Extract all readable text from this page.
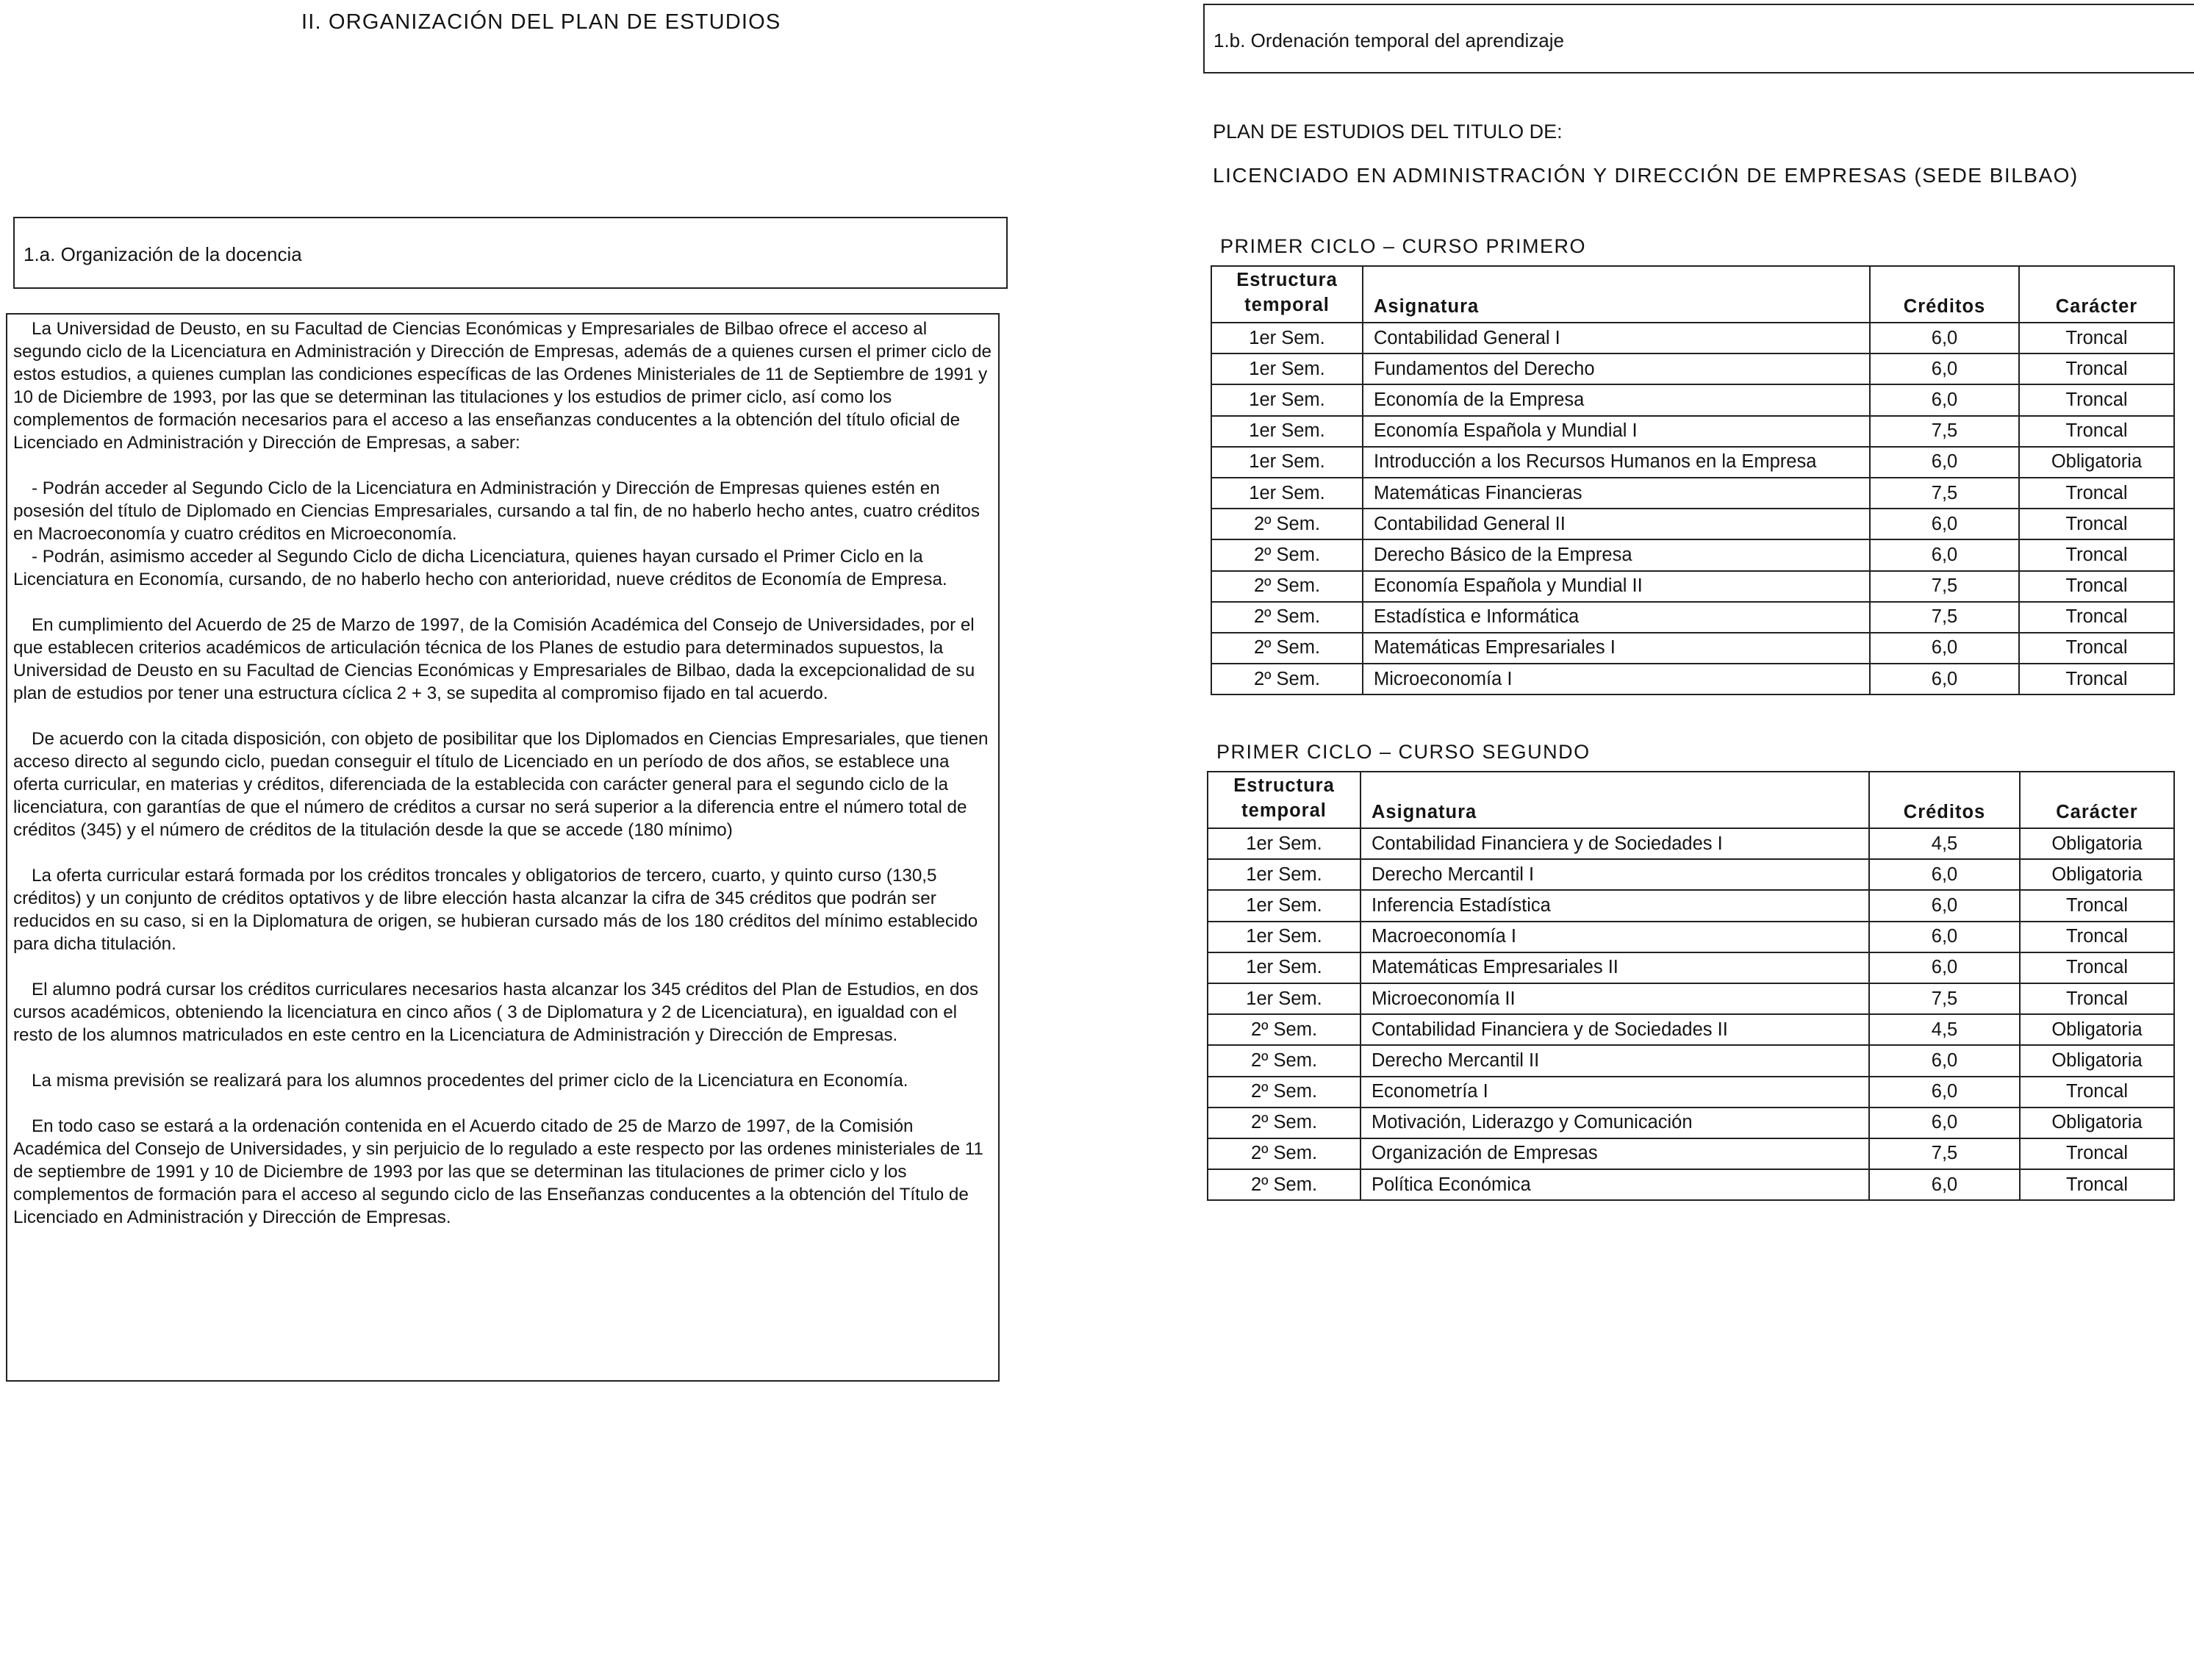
II. ORGANIZACIÓN DEL PLAN DE ESTUDIOS
1.a. Organización de la docencia

La Universidad de Deusto, en su Facultad de Ciencias Económicas y Empresariales de Bilbao ofrece el acceso al segundo ciclo de la Licenciatura en Administración y Dirección de Empresas, además de a quienes cursen el primer ciclo de estos estudios, a quienes cumplan las condiciones específicas de las Ordenes Ministeriales de 11 de Septiembre de 1991 y 10 de Diciembre de 1993, por las que se determinan las titulaciones y los estudios de primer ciclo, así como los complementos de formación necesarios para el acceso a las enseñanzas conducentes a la obtención del título oficial de Licenciado en Administración y Dirección de Empresas, a saber:

- Podrán acceder al Segundo Ciclo de la Licenciatura en Administración y Dirección de Empresas quienes estén en posesión del título de Diplomado en Ciencias Empresariales, cursando a tal fin, de no haberlo hecho antes, cuatro créditos en Macroeconomía y cuatro créditos en Microeconomía.

- Podrán, asimismo acceder al Segundo Ciclo de dicha Licenciatura, quienes hayan cursado el Primer Ciclo en la Licenciatura en Economía, cursando, de no haberlo hecho con anterioridad, nueve créditos de Economía de Empresa.

En cumplimiento del Acuerdo de 25 de Marzo de 1997, de la Comisión Académica del Consejo de Universidades, por el que establecen criterios académicos de articulación técnica de los Planes de estudio para determinados supuestos, la Universidad de Deusto en su Facultad de Ciencias Económicas y Empresariales de Bilbao, dada la excepcionalidad de su plan de estudios por tener una estructura cíclica 2 + 3, se supedita al compromiso fijado en tal acuerdo.

De acuerdo con la citada disposición, con objeto de posibilitar que los Diplomados en Ciencias Empresariales, que tienen acceso directo al segundo ciclo, puedan conseguir el título de Licenciado en un período de dos años, se establece una oferta curricular, en materias y créditos, diferenciada de la establecida con carácter general para el segundo ciclo de la licenciatura, con garantías de que el número de créditos a cursar no será superior a la diferencia entre el número total de créditos (345) y el número de créditos de la titulación desde la que se accede (180 mínimo)

La oferta curricular estará formada por los créditos troncales y obligatorios de tercero, cuarto, y quinto curso (130,5 créditos) y un conjunto de créditos optativos y de libre elección hasta alcanzar la cifra de 345 créditos que podrán ser reducidos en su caso, si en la Diplomatura de origen, se hubieran cursado más de los 180 créditos del mínimo establecido para dicha titulación.

El alumno podrá cursar los créditos curriculares necesarios hasta alcanzar los 345 créditos del Plan de Estudios, en dos cursos académicos, obteniendo la licenciatura en cinco años ( 3 de Diplomatura y 2 de Licenciatura), en igualdad con el resto de los alumnos matriculados en este centro en la Licenciatura de Administración y Dirección de Empresas.

La misma previsión se realizará para los alumnos procedentes del primer ciclo de la Licenciatura en Economía.

En todo caso se estará a la ordenación contenida en el Acuerdo citado de 25 de Marzo de 1997, de la Comisión Académica del Consejo de Universidades, y sin perjuicio de lo regulado a este respecto por las ordenes ministeriales de 11 de septiembre de 1991 y 10 de Diciembre de 1993 por las que se determinan las titulaciones de primer ciclo y los complementos de formación para el acceso al segundo ciclo de las Enseñanzas conducentes a la obtención del Título de Licenciado en Administración y Dirección de Empresas.

1.b. Ordenación temporal del aprendizaje
PLAN DE ESTUDIOS DEL TITULO DE:
LICENCIADO EN ADMINISTRACIÓN Y DIRECCIÓN DE EMPRESAS (SEDE BILBAO)
PRIMER CICLO – CURSO PRIMERO
Estructura temporal	Asignatura	Créditos	Carácter
1er Sem.	Contabilidad General I	6,0	Troncal
1er Sem.	Fundamentos del Derecho	6,0	Troncal
1er Sem.	Economía de la Empresa	6,0	Troncal
1er Sem.	Economía Española y Mundial I	7,5	Troncal
1er Sem.	Introducción a los Recursos Humanos en la Empresa	6,0	Obligatoria
1er Sem.	Matemáticas Financieras	7,5	Troncal
2º Sem.	Contabilidad General II	6,0	Troncal
2º Sem.	Derecho Básico de la Empresa	6,0	Troncal
2º Sem.	Economía Española y Mundial II	7,5	Troncal
2º Sem.	Estadística e Informática	7,5	Troncal
2º Sem.	Matemáticas Empresariales I	6,0	Troncal
2º Sem.	Microeconomía I	6,0	Troncal
PRIMER CICLO – CURSO SEGUNDO
Estructura temporal	Asignatura	Créditos	Carácter
1er Sem.	Contabilidad Financiera y de Sociedades I	4,5	Obligatoria
1er Sem.	Derecho Mercantil I	6,0	Obligatoria
1er Sem.	Inferencia Estadística	6,0	Troncal
1er Sem.	Macroeconomía I	6,0	Troncal
1er Sem.	Matemáticas Empresariales II	6,0	Troncal
1er Sem.	Microeconomía II	7,5	Troncal
2º Sem.	Contabilidad Financiera y de Sociedades II	4,5	Obligatoria
2º Sem.	Derecho Mercantil II	6,0	Obligatoria
2º Sem.	Econometría I	6,0	Troncal
2º Sem.	Motivación, Liderazgo y Comunicación	6,0	Obligatoria
2º Sem.	Organización de Empresas	7,5	Troncal
2º Sem.	Política Económica	6,0	Troncal
